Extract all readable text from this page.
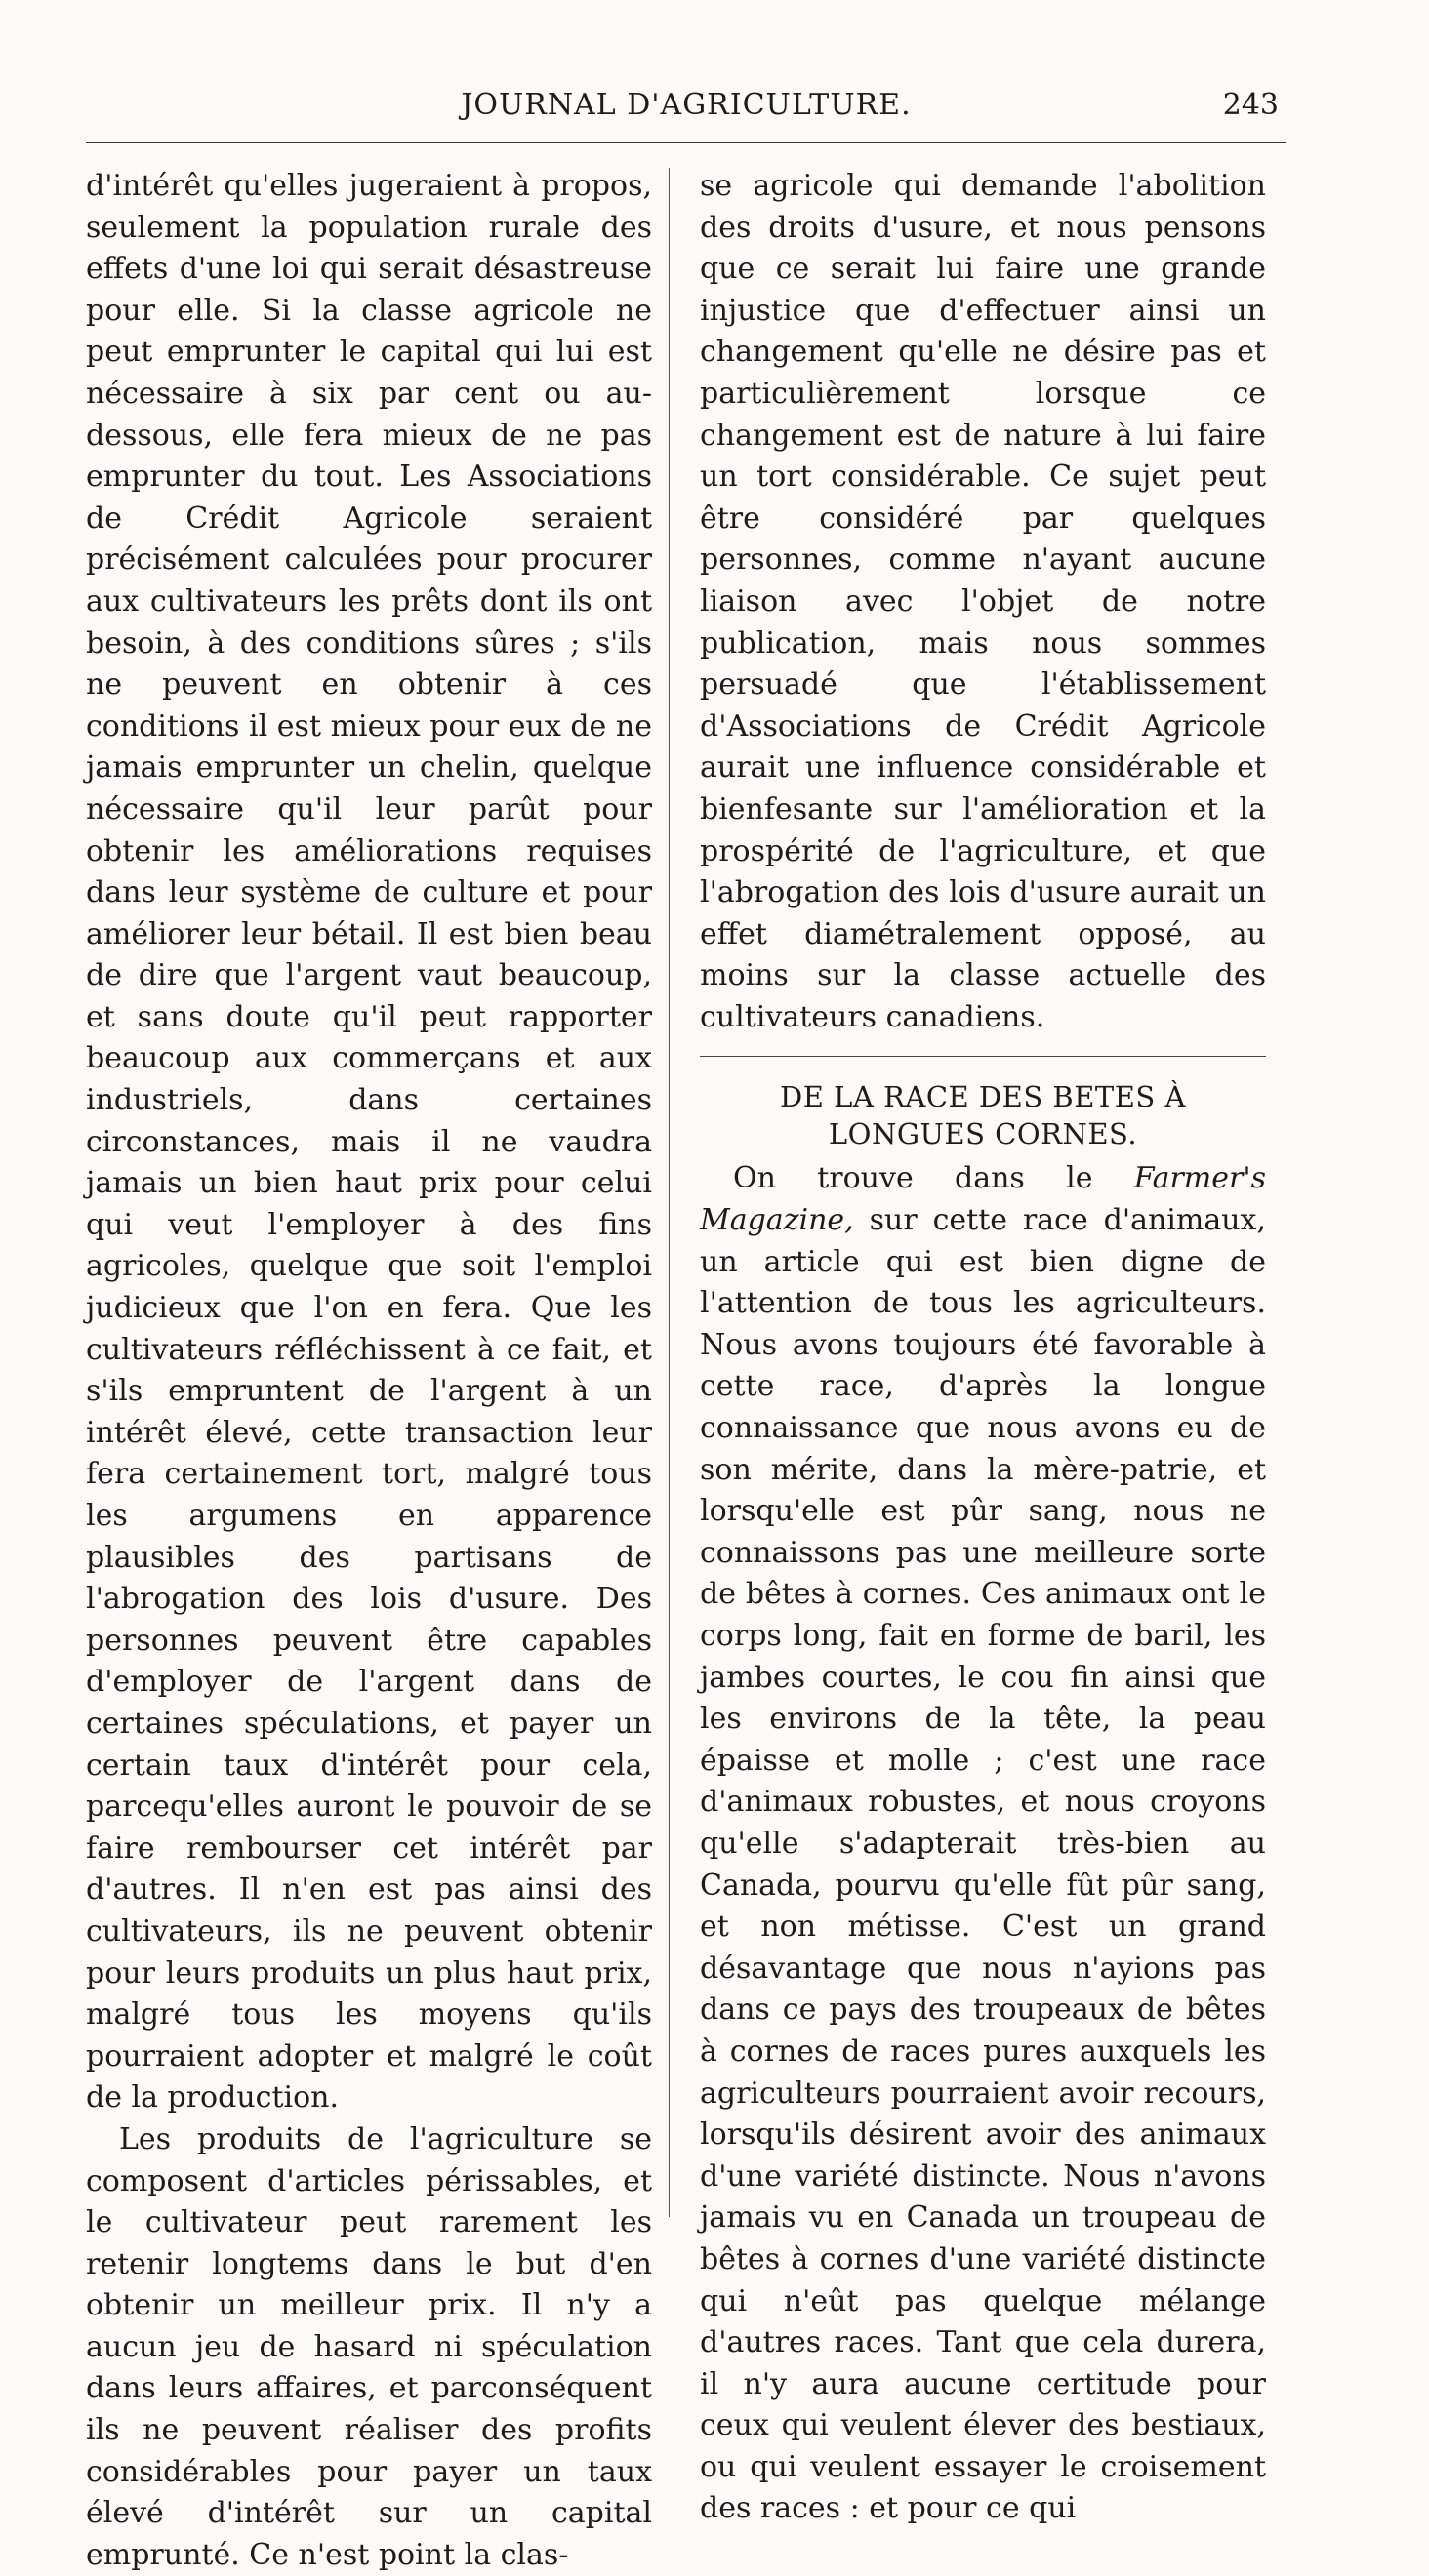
JOURNAL D'AGRICULTURE.	243

d'intérêt qu'elles jugeraient à propos, seulement la population rurale des effets d'une loi qui serait désastreuse pour elle. Si la classe agricole ne peut emprunter le capital qui lui est nécessaire à six par cent ou au-dessous, elle fera mieux de ne pas emprunter du tout. Les Associations de Crédit Agricole seraient précisément calculées pour procurer aux cultivateurs les prêts dont ils ont besoin, à des conditions sûres ; s'ils ne peuvent en obtenir à ces conditions il est mieux pour eux de ne jamais emprunter un chelin, quelque nécessaire qu'il leur parût pour obtenir les améliorations requises dans leur système de culture et pour améliorer leur bétail. Il est bien beau de dire que l'argent vaut beaucoup, et sans doute qu'il peut rapporter beaucoup aux commerçans et aux industriels, dans certaines circonstances, mais il ne vaudra jamais un bien haut prix pour celui qui veut l'employer à des fins agricoles, quelque que soit l'emploi judicieux que l'on en fera. Que les cultivateurs réfléchissent à ce fait, et s'ils empruntent de l'argent à un intérêt élevé, cette transaction leur fera certainement tort, malgré tous les argumens en apparence plausibles des partisans de l'abrogation des lois d'usure. Des personnes peuvent être capables d'employer de l'argent dans de certaines spéculations, et payer un certain taux d'intérêt pour cela, parcequ'elles auront le pouvoir de se faire rembourser cet intérêt par d'autres. Il n'en est pas ainsi des cultivateurs, ils ne peuvent obtenir pour leurs produits un plus haut prix, malgré tous les moyens qu'ils pourraient adopter et malgré le coût de la production.

Les produits de l'agriculture se composent d'articles périssables, et le cultivateur peut rarement les retenir longtems dans le but d'en obtenir un meilleur prix. Il n'y a aucun jeu de hasard ni spéculation dans leurs affaires, et parconséquent ils ne peuvent réaliser des profits considérables pour payer un taux élevé d'intérêt sur un capital emprunté. Ce n'est point la clas-

se agricole qui demande l'abolition des droits d'usure, et nous pensons que ce serait lui faire une grande injustice que d'effectuer ainsi un changement qu'elle ne désire pas et particulièrement lorsque ce changement est de nature à lui faire un tort considérable. Ce sujet peut être considéré par quelques personnes, comme n'ayant aucune liaison avec l'objet de notre publication, mais nous sommes persuadé que l'établissement d'Associations de Crédit Agricole aurait une influence considérable et bienfesante sur l'amélioration et la prospérité de l'agriculture, et que l'abrogation des lois d'usure aurait un effet diamétralement opposé, au moins sur la classe actuelle des cultivateurs canadiens.

DE LA RACE DES BETES À LONGUES CORNES.

On trouve dans le Farmer's Magazine, sur cette race d'animaux, un article qui est bien digne de l'attention de tous les agriculteurs. Nous avons toujours été favorable à cette race, d'après la longue connaissance que nous avons eu de son mérite, dans la mère-patrie, et lorsqu'elle est pûr sang, nous ne connaissons pas une meilleure sorte de bêtes à cornes. Ces animaux ont le corps long, fait en forme de baril, les jambes courtes, le cou fin ainsi que les environs de la tête, la peau épaisse et molle ; c'est une race d'animaux robustes, et nous croyons qu'elle s'adapterait très-bien au Canada, pourvu qu'elle fût pûr sang, et non métisse. C'est un grand désavantage que nous n'ayions pas dans ce pays des troupeaux de bêtes à cornes de races pures auxquels les agriculteurs pourraient avoir recours, lorsqu'ils désirent avoir des animaux d'une variété distincte. Nous n'avons jamais vu en Canada un troupeau de bêtes à cornes d'une variété distincte qui n'eût pas quelque mélange d'autres races. Tant que cela durera, il n'y aura aucune certitude pour ceux qui veulent élever des bestiaux, ou qui veulent essayer le croisement des races : et pour ce qui
